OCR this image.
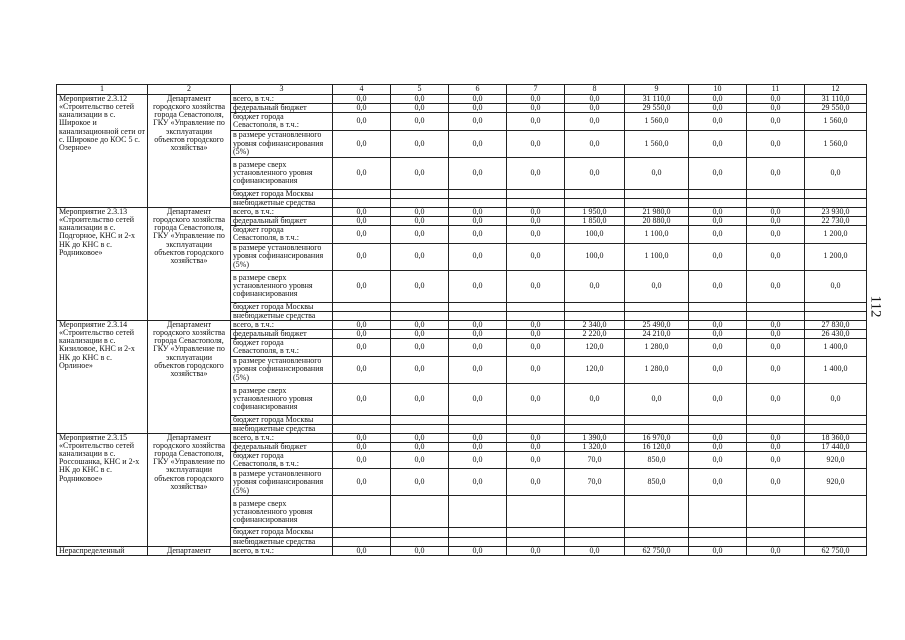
1	2	3	4	5	6	7	8	9	10	11	12
Мероприятие 2.3.12 «Строительство сетей канализации в с. Широкое и канализационной сети от с. Широкое до КОС 5 с. Озерное»	Департамент городского хозяйства города Севастополя, ГКУ «Управление по эксплуатации объектов городского хозяйства»	всего, в т.ч.:	0,0	0,0	0,0	0,0	0,0	31 110,0	0,0	0,0	31 110,0
		федеральный бюджет	0,0	0,0	0,0	0,0	0,0	29 550,0	0,0	0,0	29 550,0
		бюджет города Севастополя, в т.ч.:	0,0	0,0	0,0	0,0	0,0	1 560,0	0,0	0,0	1 560,0
		в размере установленного уровня софинансирования (5%)	0,0	0,0	0,0	0,0	0,0	1 560,0	0,0	0,0	1 560,0
		в размере сверх установленного уровня софинансирования	0,0	0,0	0,0	0,0	0,0	0,0	0,0	0,0	0,0
		бюджет города Москвы									
		внебюджетные средства									
Мероприятие 2.3.13 «Строительство сетей канализации в с. Подгорное, КНС и 2-х НК до КНС в с. Родниковое»	Департамент городского хозяйства города Севастополя, ГКУ «Управление по эксплуатации объектов городского хозяйства»	всего, в т.ч.:	0,0	0,0	0,0	0,0	1 950,0	21 980,0	0,0	0,0	23 930,0
		федеральный бюджет	0,0	0,0	0,0	0,0	1 850,0	20 880,0	0,0	0,0	22 730,0
		бюджет города Севастополя, в т.ч.:	0,0	0,0	0,0	0,0	100,0	1 100,0	0,0	0,0	1 200,0
		в размере установленного уровня софинансирования (5%)	0,0	0,0	0,0	0,0	100,0	1 100,0	0,0	0,0	1 200,0
		в размере сверх установленного уровня софинансирования	0,0	0,0	0,0	0,0	0,0	0,0	0,0	0,0	0,0
		бюджет города Москвы									
		внебюджетные средства									
Мероприятие 2.3.14 «Строительство сетей канализации в с. Кизиловое, КНС и 2-х НК до КНС в с. Орлиное»	Департамент городского хозяйства города Севастополя, ГКУ «Управление по эксплуатации объектов городского хозяйства»	всего, в т.ч.:	0,0	0,0	0,0	0,0	2 340,0	25 490,0	0,0	0,0	27 830,0
		федеральный бюджет	0,0	0,0	0,0	0,0	2 220,0	24 210,0	0,0	0,0	26 430,0
		бюджет города Севастополя, в т.ч.:	0,0	0,0	0,0	0,0	120,0	1 280,0	0,0	0,0	1 400,0
		в размере установленного уровня софинансирования (5%)	0,0	0,0	0,0	0,0	120,0	1 280,0	0,0	0,0	1 400,0
		в размере сверх установленного уровня софинансирования	0,0	0,0	0,0	0,0	0,0	0,0	0,0	0,0	0,0
		бюджет города Москвы									
		внебюджетные средства									
Мероприятие 2.3.15 «Строительство сетей канализации в с. Россошанка, КНС и 2-х НК до КНС в с. Родниковое»	Департамент городского хозяйства города Севастополя, ГКУ «Управление по эксплуатации объектов городского хозяйства»	всего, в т.ч.:	0,0	0,0	0,0	0,0	1 390,0	16 970,0	0,0	0,0	18 360,0
		федеральный бюджет	0,0	0,0	0,0	0,0	1 320,0	16 120,0	0,0	0,0	17 440,0
		бюджет города Севастополя, в т.ч.:	0,0	0,0	0,0	0,0	70,0	850,0	0,0	0,0	920,0
		в размере установленного уровня софинансирования (5%)	0,0	0,0	0,0	0,0	70,0	850,0	0,0	0,0	920,0
		в размере сверх установленного уровня софинансирования									
		бюджет города Москвы									
		внебюджетные средства									
Нераспределенный	Департамент	всего, в т.ч.:	0,0	0,0	0,0	0,0	0,0	62 750,0	0,0	0,0	62 750,0
112
